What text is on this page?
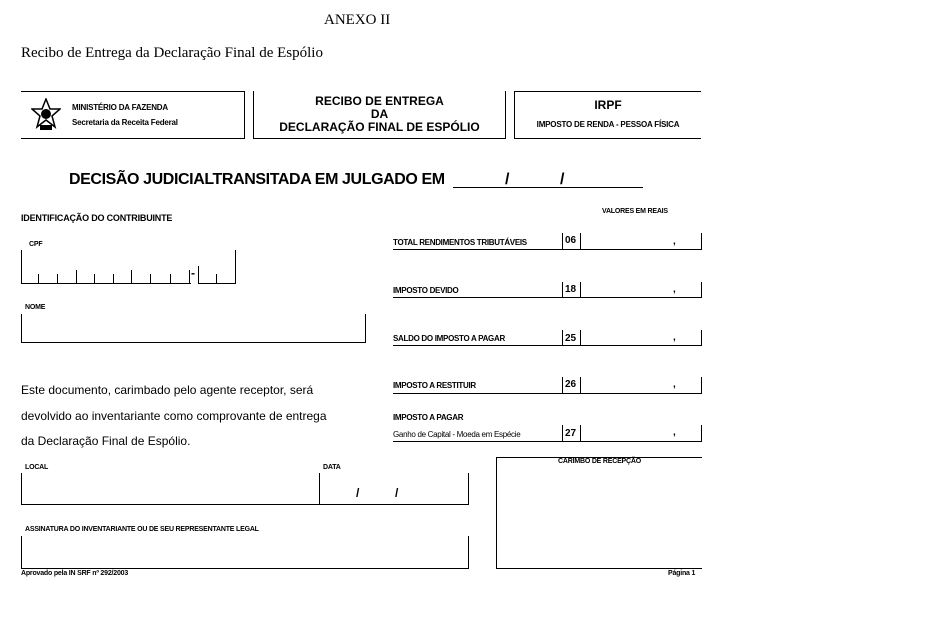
ANEXO II
Recibo de Entrega da Declaração Final de Espólio
MINISTÉRIO DA FAZENDA
Secretaria da Receita Federal
RECIBO DE ENTREGA
DA
DECLARAÇÃO FINAL DE ESPÓLIO
IRPF
IMPOSTO DE RENDA - PESSOA FÍSICA
DECISÃO JUDICIALTRANSITADA EM JULGADO EM	/	/
IDENTIFICAÇÃO DO CONTRIBUINTE
VALORES EM REAIS
CPF
-
NOME
TOTAL RENDIMENTOS TRIBUTÁVEIS	06	,
IMPOSTO DEVIDO	18	,
SALDO DO IMPOSTO A PAGAR	25	,
IMPOSTO A RESTITUIR	26	,
IMPOSTO A PAGAR
Ganho de Capital - Moeda em Espécie	27	,
Este documento, carimbado pelo agente receptor, será
devolvido ao inventariante como comprovante de entrega
da Declaração Final de Espólio.
LOCAL	DATA
/	/
CARIMBO DE RECEPÇÃO
ASSINATURA DO INVENTARIANTE OU DE SEU REPRESENTANTE LEGAL
Aprovado pela IN SRF nº 292/2003	Página 1
